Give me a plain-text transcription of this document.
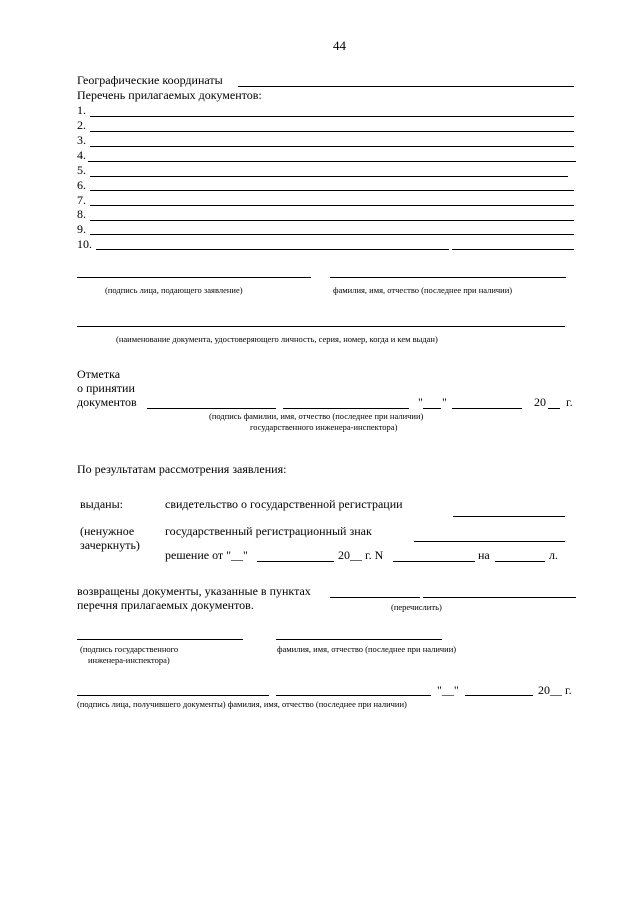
44
Географические координаты
Перечень прилагаемых документов:
1.
2.
3.
4.
5.
6.
7.
8.
9.
10.
(подпись лица, подающего заявление)	фамилия, имя, отчество (последнее при наличии)
(наименование документа, удостоверяющего личность, серия, номер, когда и кем выдан)
Отметка
о принятии
документов	" "	20 г.
(подпись фамилии, имя, отчество (последнее при наличии)
государственного инженера-инспектора)
По результатам рассмотрения заявления:
выданы:	свидетельство о государственной регистрации
(ненужное
зачеркнуть)
государственный регистрационный знак
решение от "__"	20__ г. N	на	л.
возвращены документы, указанные в пунктах
перечня прилагаемых документов.	(перечислить)
(подпись государственного
инженера-инспектора)
фамилия, имя, отчество (последнее при наличии)
"__"	20__ г.
(подпись лица, получившего документы) фамилия, имя, отчество (последнее при наличии)
